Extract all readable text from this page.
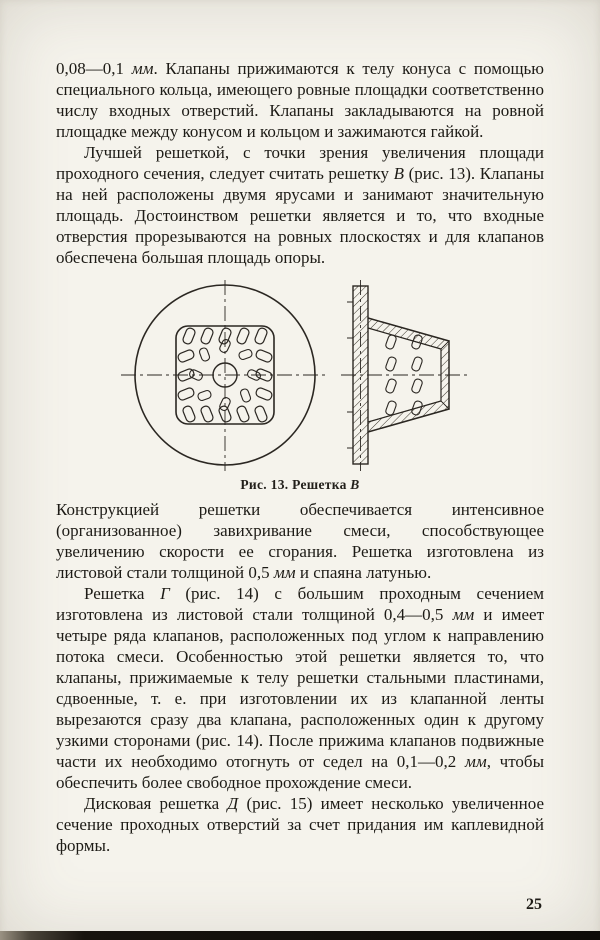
0,08—0,1 мм. Клапаны прижимаются к телу конуса с помощью специального кольца, имеющего ровные площадки соответственно числу входных отверстий. Клапаны закладываются на ровной площадке между конусом и кольцом и зажимаются гайкой.

Лучшей решеткой, с точки зрения увеличения площади проходного сечения, следует считать решетку В (рис. 13). Клапаны на ней расположены двумя ярусами и занимают значительную площадь. Достоинством решетки является и то, что входные отверстия прорезываются на ровных плоскостях и для клапанов обеспечена большая площадь опоры.

Рис. 13. Решетка В

Конструкцией решетки обеспечивается интенсивное (организованное) завихривание смеси, способствующее увеличению скорости ее сгорания. Решетка изготовлена из листовой стали толщиной 0,5 мм и спаяна латунью.

Решетка Г (рис. 14) с большим проходным сечением изготовлена из листовой стали толщиной 0,4—0,5 мм и имеет четыре ряда клапанов, расположенных под углом к направлению потока смеси. Особенностью этой решетки является то, что клапаны, прижимаемые к телу решетки стальными пластинами, сдвоенные, т. е. при изготовлении их из клапанной ленты вырезаются сразу два клапана, расположенных один к другому узкими сторонами (рис. 14). После прижима клапанов подвижные части их необходимо отогнуть от седел на 0,1—0,2 мм, чтобы обеспечить более свободное прохождение смеси.

Дисковая решетка Д (рис. 15) имеет несколько увеличенное сечение проходных отверстий за счет придания им каплевидной формы.

25
